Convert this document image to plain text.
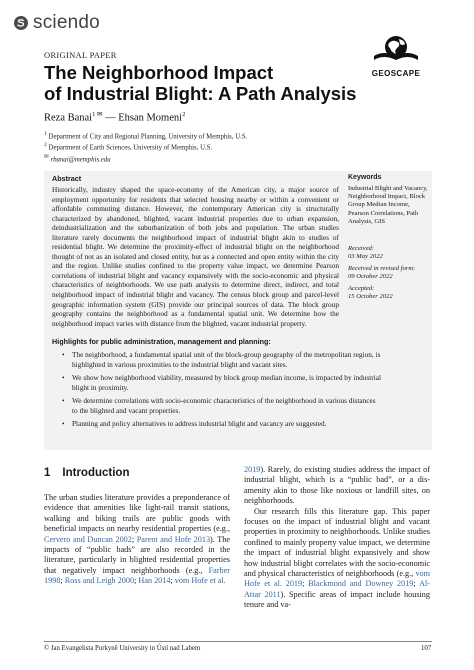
sciendo
GEOSCAPE
ORIGINAL PAPER
The Neighborhood Impact
of Industrial Blight: A Path Analysis
Reza Banai$^{1 ✉}$ — Ehsan Momeni$^2$
$^1$ Department of City and Regional Planning, University of Memphis, U.S.
$^2$ Department of Earth Sciences, University of Memphis, U.S.
✉ rbanai@memphis.edu
Abstract
Historically, industry shaped the space-economy of the American city, a major source of employment opportunity for residents that selected housing nearby or within a convenient or affordable commuting distance. However, the contemporary American city is structurally characterized by abandoned, blighted, vacant industrial properties due to urban expansion, deindustrialization and the suburbanization of both jobs and population. The urban studies literature rarely documents the neighborhood impact of industrial blight akin to studies of residential blight. We determine the proximity-effect of industrial blight on the neighborhood thought of not as an isolated and closed entity, but as a connected and open entity within the city and the region. Unlike studies confined to the property value impact, we determine Pearson correlations of industrial blight and vacancy expansively with the socio-economic and physical characteristics of neighborhoods. We use path analysis to determine direct, indirect, and total neighborhood impact of industrial blight and vacancy. The census block group and parcel-level geographic information system (GIS) provide our principal sources of data. The block group geography contains the neighborhood as a fundamental spatial unit. We determine how the neighborhood impact varies with distance from the blighted, vacant industrial property.
Keywords
Industrial Blight and Vacancy, Neighborhood Impact, Block Group Median Income, Pearson Correlations, Path Analysis, GIS
Received:
03 May 2022
Received in revised form:
09 October 2022
Accepted:
15 October 2022
Highlights for public administration, management and planning:
• The neighborhood, a fundamental spatial unit of the block-group geography of the metropolitan region, is highlighted in various proximities to the industrial blight and vacant sites.
• We show how neighborhood viability, measured by block group median income, is impacted by industrial blight in proximity.
• We determine correlations with socio-economic characteristics of the neighborhood in various distances to the blighted and vacant properties.
• Planning and policy alternatives to address industrial blight and vacancy are suggested.
1 Introduction
The urban studies literature provides a preponderance of evidence that amenities like light-rail transit stations, walking and biking trails are public goods with beneficial impacts on nearby residential properties (e.g., Cervero and Duncan 2002; Parent and Hofe 2013). The impacts of “public bads” are also recorded in the literature, particularly in blighted residential properties that negatively impact neighborhoods (e.g., Farber 1998; Ross and Leigh 2000; Han 2014; vom Hofe et al.
2019). Rarely, do existing studies address the impact of industrial blight, which is a “public bad”, or a dis-amenity akin to those like noxious or landfill sites, on neighborhoods.
Our research fills this literature gap. This paper focuses on the impact of industrial blight and vacant properties in proximity to neighborhoods. Unlike studies confined to mainly property value impact, we determine the impact of industrial blight expansively and show how industrial blight correlates with the socio-economic and physical characteristics of neighborhoods (e.g., vom Hofe et al. 2019; Blackmond and Downey 2019; Al-Attar 2011). Specific areas of impact include housing tenure and va-
© Jan Evangelista Purkyně University in Ústí nad Labem	107
